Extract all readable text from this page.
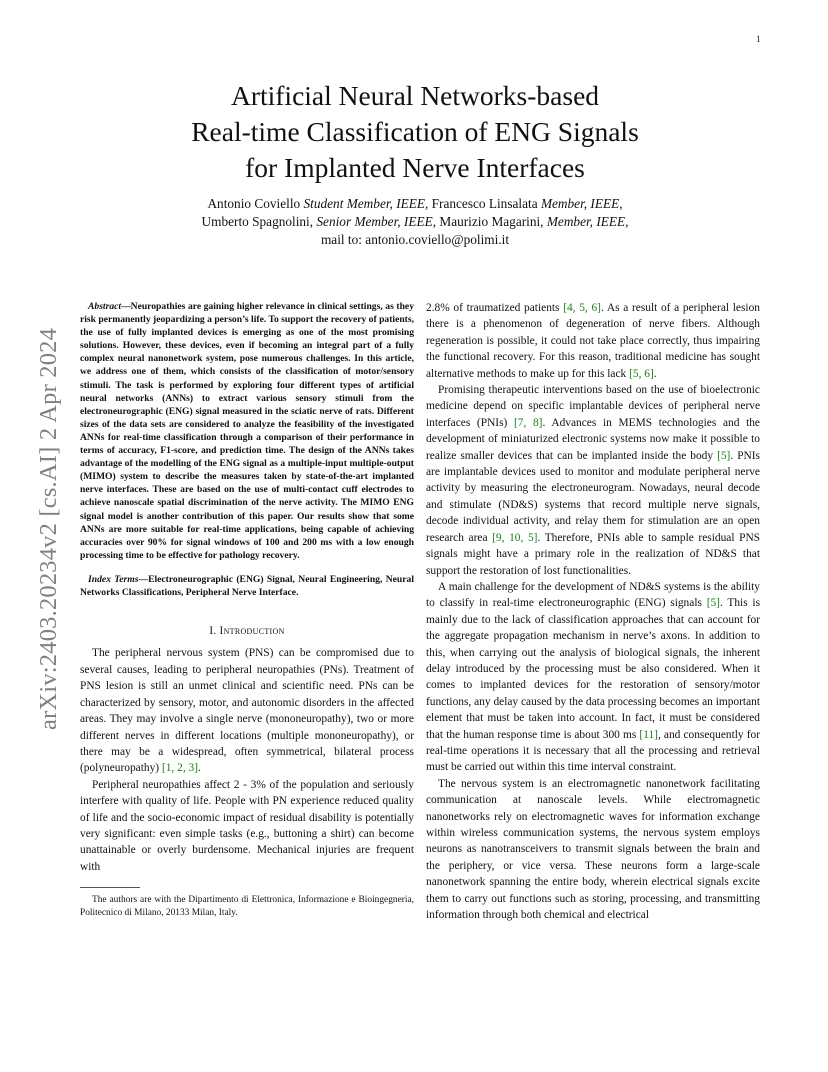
1
arXiv:2403.20234v2 [cs.AI] 2 Apr 2024
Artificial Neural Networks-based
Real-time Classification of ENG Signals
for Implanted Nerve Interfaces
Antonio Coviello Student Member, IEEE, Francesco Linsalata Member, IEEE,
Umberto Spagnolini, Senior Member, IEEE, Maurizio Magarini, Member, IEEE,
mail to: antonio.coviello@polimi.it

Abstract—Neuropathies are gaining higher relevance in clinical settings, as they risk permanently jeopardizing a person’s life. To support the recovery of patients, the use of fully implanted devices is emerging as one of the most promising solutions. However, these devices, even if becoming an integral part of a fully complex neural nanonetwork system, pose numerous challenges. In this article, we address one of them, which consists of the classification of motor/sensory stimuli. The task is performed by exploring four different types of artificial neural networks (ANNs) to extract various sensory stimuli from the electroneurographic (ENG) signal measured in the sciatic nerve of rats. Different sizes of the data sets are considered to analyze the feasibility of the investigated ANNs for real-time classification through a comparison of their performance in terms of accuracy, F1-score, and prediction time. The design of the ANNs takes advantage of the modelling of the ENG signal as a multiple-input multiple-output (MIMO) system to describe the measures taken by state-of-the-art implanted nerve interfaces. These are based on the use of multi-contact cuff electrodes to achieve nanoscale spatial discrimination of the nerve activity. The MIMO ENG signal model is another contribution of this paper. Our results show that some ANNs are more suitable for real-time applications, being capable of achieving accuracies over 90% for signal windows of 100 and 200 ms with a low enough processing time to be effective for pathology recovery.

Index Terms—Electroneurographic (ENG) Signal, Neural Engineering, Neural Networks Classifications, Peripheral Nerve Interface.

I. Introduction

The peripheral nervous system (PNS) can be compromised due to several causes, leading to peripheral neuropathies (PNs). Treatment of PNS lesion is still an unmet clinical and scientific need. PNs can be characterized by sensory, motor, and autonomic disorders in the affected areas. They may involve a single nerve (mononeuropathy), two or more different nerves in different locations (multiple mononeuropathy), or there may be a widespread, often symmetrical, bilateral process (polyneuropathy) [1, 2, 3].

Peripheral neuropathies affect 2 - 3% of the population and seriously interfere with quality of life. People with PN experience reduced quality of life and the socio-economic impact of residual disability is potentially very significant: even simple tasks (e.g., buttoning a shirt) can become unattainable or overly burdensome. Mechanical injuries are frequent with

The authors are with the Dipartimento di Elettronica, Informazione e Bioingegneria, Politecnico di Milano, 20133 Milan, Italy.

2.8% of traumatized patients [4, 5, 6]. As a result of a peripheral lesion there is a phenomenon of degeneration of nerve fibers. Although regeneration is possible, it could not take place correctly, thus impairing the functional recovery. For this reason, traditional medicine has sought alternative methods to make up for this lack [5, 6].

Promising therapeutic interventions based on the use of bioelectronic medicine depend on specific implantable devices of peripheral nerve interfaces (PNIs) [7, 8]. Advances in MEMS technologies and the development of miniaturized electronic systems now make it possible to realize smaller devices that can be implanted inside the body [5]. PNIs are implantable devices used to monitor and modulate peripheral nerve activity by measuring the electroneurogram. Nowadays, neural decode and stimulate (ND&S) systems that record multiple nerve signals, decode individual activity, and relay them for stimulation are an open research area [9, 10, 5]. Therefore, PNIs able to sample residual PNS signals might have a primary role in the realization of ND&S that support the restoration of lost functionalities.

A main challenge for the development of ND&S systems is the ability to classify in real-time electroneurographic (ENG) signals [5]. This is mainly due to the lack of classification approaches that can account for the aggregate propagation mechanism in nerve’s axons. In addition to this, when carrying out the analysis of biological signals, the inherent delay introduced by the processing must be also considered. When it comes to implanted devices for the restoration of sensory/motor functions, any delay caused by the data processing becomes an important element that must be taken into account. In fact, it must be considered that the human response time is about 300 ms [11], and consequently for real-time operations it is necessary that all the processing and retrieval must be carried out within this time interval constraint.

The nervous system is an electromagnetic nanonetwork facilitating communication at nanoscale levels. While electromagnetic nanonetworks rely on electromagnetic waves for information exchange within wireless communication systems, the nervous system employs neurons as nanotransceivers to transmit signals between the brain and the periphery, or vice versa. These neurons form a large-scale nanonetwork spanning the entire body, wherein electrical signals excite them to carry out functions such as storing, processing, and transmitting information through both chemical and electrical
